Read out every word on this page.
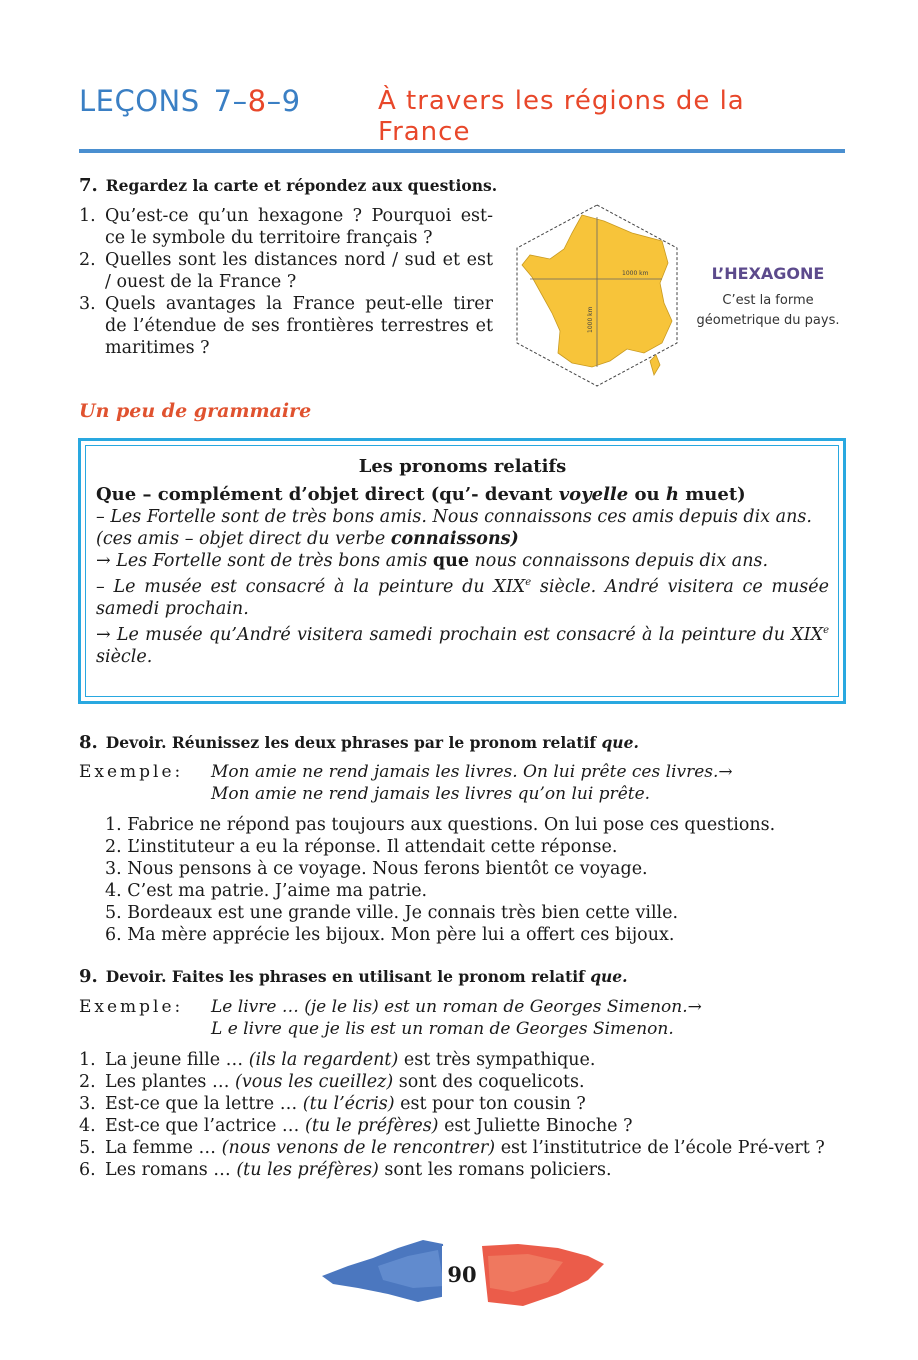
LEÇONS 7–8–9	À travers les régions de la
France
7. Regardez la carte et répondez aux questions.
1. Qu’est-ce qu’un hexagone ? Pourquoi est-ce le symbole du territoire français ?
2. Quelles sont les distances nord / sud et est / ouest de la France ?
3. Quels avantages la France peut-elle tirer de l’étendue de ses frontières terrestres et maritimes ?
1000 km
1000 km
L’HEXAGONE
C’est la forme
géometrique du pays.
Un peu de grammaire
Les pronoms relatifs
Que – complément d’objet direct (qu’- devant voyelle ou h muet)
– Les Fortelle sont de très bons amis. Nous connaissons ces amis depuis dix ans.
(ces amis – objet direct du verbe connaissons)
→ Les Fortelle sont de très bons amis que nous connaissons depuis dix ans.
– Le musée est consacré à la peinture du XIXe siècle. André visitera ce musée samedi prochain.
→ Le musée qu’André visitera samedi prochain est consacré à la peinture du XIXe siècle.
8. Devoir. Réunissez les deux phrases par le pronom relatif que.
Exemple: Mon amie ne rend jamais les livres. On lui prête ces livres.→
Mon amie ne rend jamais les livres qu’on lui prête.
1. Fabrice ne répond pas toujours aux questions. On lui pose ces questions.
2. L’instituteur a eu la réponse. Il attendait cette réponse.
3. Nous pensons à ce voyage. Nous ferons bientôt ce voyage.
4. C’est ma patrie. J’aime ma patrie.
5. Bordeaux est une grande ville. Je connais très bien cette ville.
6. Ma mère apprécie les bijoux. Mon père lui a offert ces bijoux.
9. Devoir. Faites les phrases en utilisant le pronom relatif que.
Exemple: Le livre … (je le lis) est un roman de Georges Simenon.→
L e livre que je lis est un roman de Georges Simenon.
1. La jeune fille … (ils la regardent) est très sympathique.
2. Les plantes … (vous les cueillez) sont des coquelicots.
3. Est-ce que la lettre … (tu l’écris) est pour ton cousin ?
4. Est-ce que l’actrice … (tu le préfères) est Juliette Binoche ?
5. La femme … (nous venons de le rencontrer) est l’institutrice de l’école Pré-vert ?
6. Les romans … (tu les préfères) sont les romans policiers.
90
